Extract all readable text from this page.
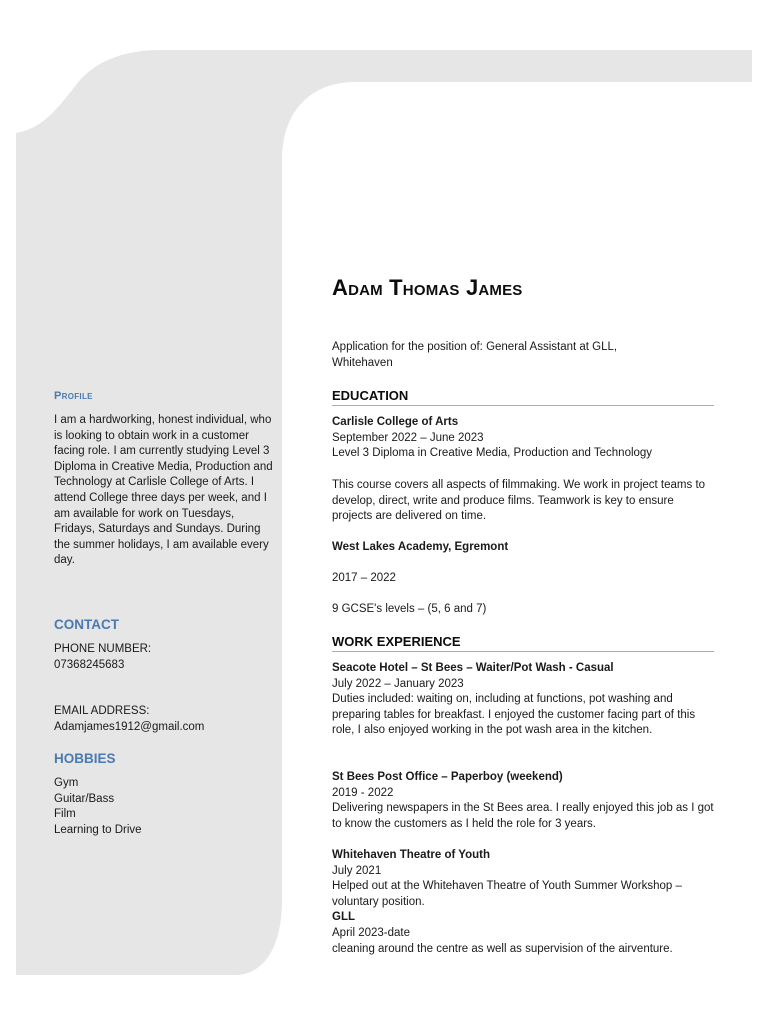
Profile
I am a hardworking, honest individual, who is looking to obtain work in a customer facing role. I am currently studying Level 3 Diploma in Creative Media, Production and Technology at Carlisle College of Arts. I attend College three days per week, and I am available for work on Tuesdays, Fridays, Saturdays and Sundays. During the summer holidays, I am available every day.
CONTACT
PHONE NUMBER:
07368245683
EMAIL ADDRESS:
Adamjames1912@gmail.com
HOBBIES
Gym
Guitar/Bass
Film
Learning to Drive
Adam Thomas James
Application for the position of: General Assistant at GLL, Whitehaven
EDUCATION
Carlisle College of Arts
September 2022 – June 2023
Level 3 Diploma in Creative Media, Production and Technology
This course covers all aspects of filmmaking. We work in project teams to develop, direct, write and produce films. Teamwork is key to ensure projects are delivered on time.
West Lakes Academy, Egremont
2017 – 2022
9 GCSE's levels – (5, 6 and 7)
WORK EXPERIENCE
Seacote Hotel – St Bees – Waiter/Pot Wash - Casual
July 2022 – January 2023
Duties included: waiting on, including at functions, pot washing and preparing tables for breakfast. I enjoyed the customer facing part of this role, I also enjoyed working in the pot wash area in the kitchen.
St Bees Post Office – Paperboy (weekend)
2019 - 2022
Delivering newspapers in the St Bees area. I really enjoyed this job as I got to know the customers as I held the role for 3 years.
Whitehaven Theatre of Youth
July 2021
Helped out at the Whitehaven Theatre of Youth Summer Workshop – voluntary position.
GLL
April 2023-date
cleaning around the centre as well as supervision of the airventure.
